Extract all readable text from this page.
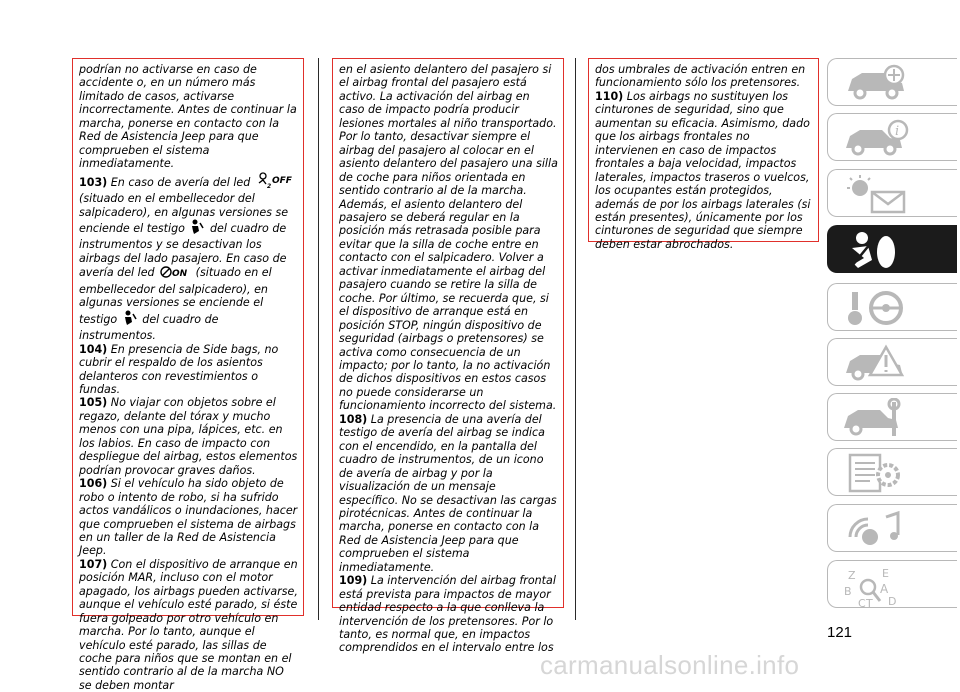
podrían no activarse en caso de accidente o, en un número más limitado de casos, activarse incorrectamente. Antes de continuar la marcha, ponerse en contacto con la Red de Asistencia Jeep para que comprueben el sistema inmediatamente.

103) En caso de avería del led	2
OFF
(situado en el embellecedor del salpicadero), en algunas versiones se enciende el testigo del cuadro de instrumentos y se desactivan los airbags del lado pasajero. En caso de avería del led ON (situado en el embellecedor del salpicadero), en algunas versiones se enciende el testigo del cuadro de instrumentos.

104) En presencia de Side bags, no cubrir el respaldo de los asientos delanteros con revestimientos o fundas.

105) No viajar con objetos sobre el regazo, delante del tórax y mucho menos con una pipa, lápices, etc. en los labios. En caso de impacto con despliegue del airbag, estos elementos podrían provocar graves daños.

106) Si el vehículo ha sido objeto de robo o intento de robo, si ha sufrido actos vandálicos o inundaciones, hacer que comprueben el sistema de airbags en un taller de la Red de Asistencia Jeep.

107) Con el dispositivo de arranque en posición MAR, incluso con el motor apagado, los airbags pueden activarse, aunque el vehículo esté parado, si éste fuera golpeado por otro vehículo en marcha. Por lo tanto, aunque el vehículo esté parado, las sillas de coche para niños que se montan en el sentido contrario al de la marcha NO se deben montar

en el asiento delantero del pasajero si el airbag frontal del pasajero está activo. La activación del airbag en caso de impacto podría producir lesiones mortales al niño transportado. Por lo tanto, desactivar siempre el airbag del pasajero al colocar en el asiento delantero del pasajero una silla de coche para niños orientada en sentido contrario al de la marcha. Además, el asiento delantero del pasajero se deberá regular en la posición más retrasada posible para evitar que la silla de coche entre en contacto con el salpicadero. Volver a activar inmediatamente el airbag del pasajero cuando se retire la silla de coche. Por último, se recuerda que, si el dispositivo de arranque está en posición STOP, ningún dispositivo de seguridad (airbags o pretensores) se activa como consecuencia de un impacto; por lo tanto, la no activación de dichos dispositivos en estos casos no puede considerarse un funcionamiento incorrecto del sistema.

108) La presencia de una avería del testigo de avería del airbag se indica con el encendido, en la pantalla del cuadro de instrumentos, de un icono de avería de airbag y por la visualización de un mensaje específico. No se desactivan las cargas pirotécnicas. Antes de continuar la marcha, ponerse en contacto con la Red de Asistencia Jeep para que comprueben el sistema inmediatamente.

109) La intervención del airbag frontal está prevista para impactos de mayor entidad respecto a la que conlleva la intervención de los pretensores. Por lo tanto, es normal que, en impactos comprendidos en el intervalo entre los

dos umbrales de activación entren en funcionamiento sólo los pretensores.

110) Los airbags no sustituyen los cinturones de seguridad, sino que aumentan su eficacia. Asimismo, dado que los airbags frontales no intervienen en caso de impactos frontales a baja velocidad, impactos laterales, impactos traseros o vuelcos, los ocupantes están protegidos, además de por los airbags laterales (si están presentes), únicamente por los cinturones de seguridad que siempre deben estar abrochados.

i
Z E
B A
C T D
121
carmanualsonline.info
